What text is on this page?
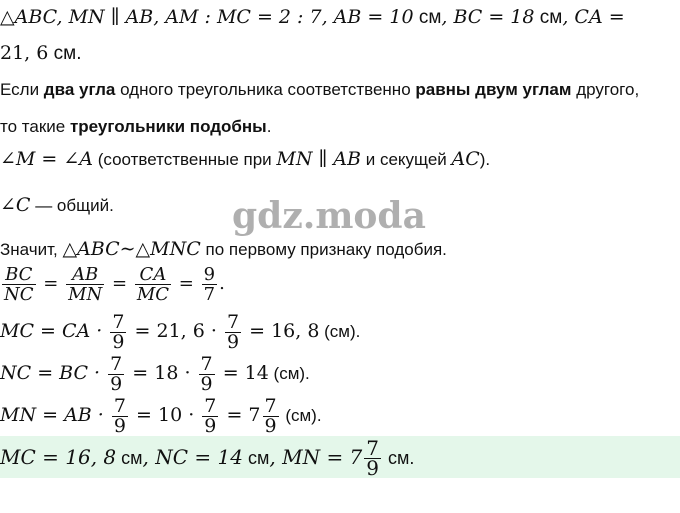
△ABC, MN ∥ AB, AM : MC = 2 : 7, AB = 10 см, BC = 18 см, CA =
21, 6 см.
Если два угла одного треугольника соответственно равны двум углам другого,
то такие треугольники подобны.
∠M = ∠A (соответственные при MN ∥ AB и секущей AC).
∠C — общий.	gdz.moda
Значит, △ABC∼△MNC по первому признаку подобия.
$\frac{BC}{NC} = \frac{AB}{MN} = \frac{CA}{MC} = \frac{9}{7}$ .
MC = CA · $\frac{7}{9} = 21$, $6 \cdot \frac{7}{9} = 16$, 8 (см).
NC = BC · $\frac{7}{9} = 18 \cdot \frac{7}{9} = 14$ (см).
MN = AB · $\frac{7}{9} = 10 \cdot \frac{7}{9} = 7 \frac{7}{9} (см)$.
MC = 16, 8 см, NC = 14 см, MN = $7 \frac{7}{9}$ см.
